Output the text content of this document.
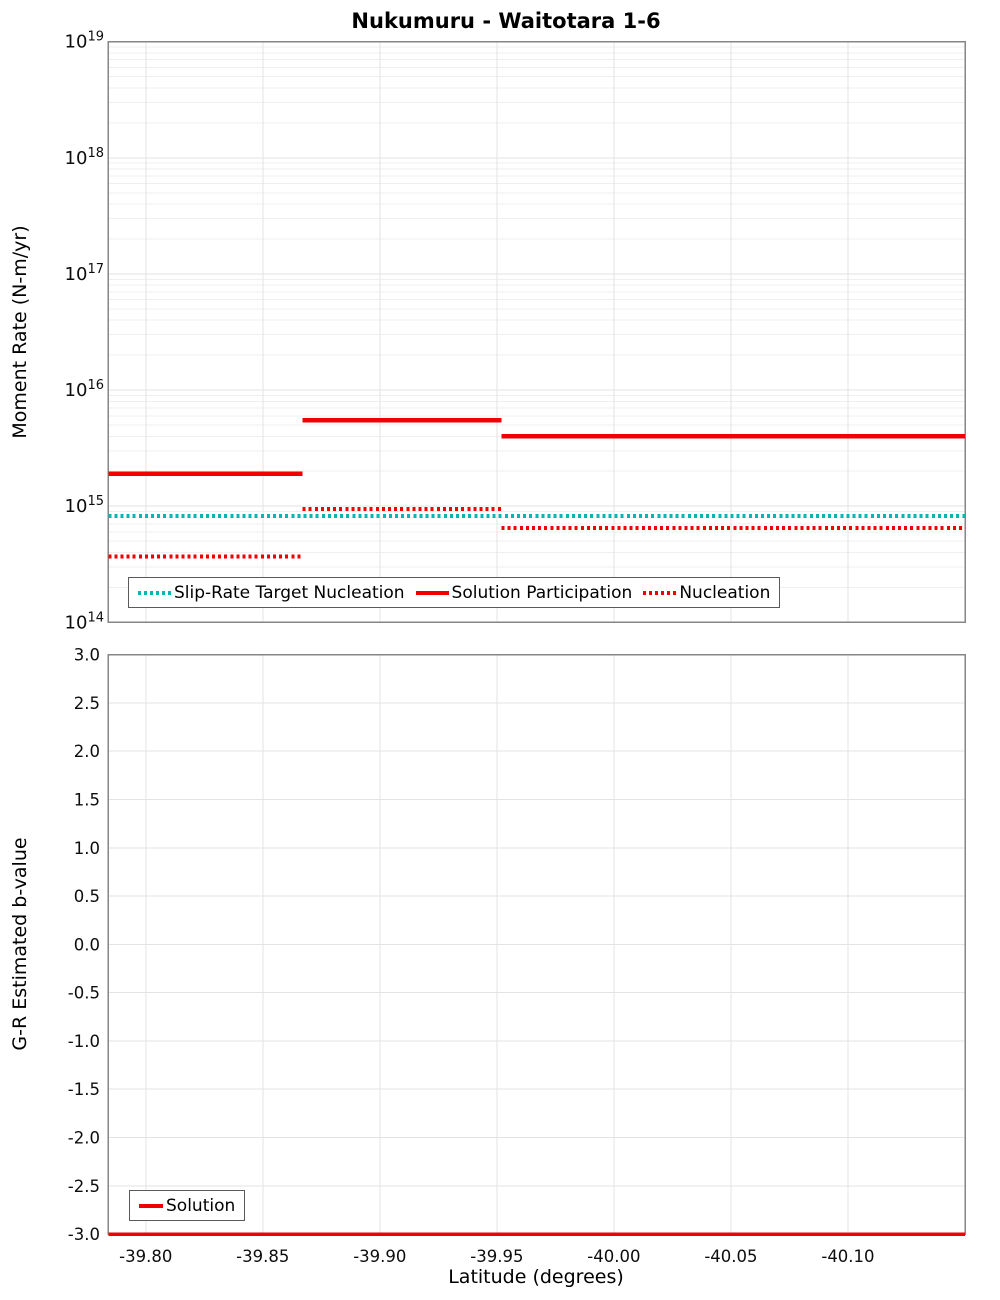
$10^{19}$
$10^{18}$
$10^{17}$
$10^{16}$
$10^{15}$
$10^{14}$
Nukumuru - Waitotara 1-6
Moment Rate (N-m/yr)
3.0
2.5
2.0
1.5
1.0
0.5
0.0
-0.5
-1.0
-1.5
-2.0
-2.5
-3.0
-39.80	-39.85	-39.90	-39.95	-40.00	-40.05	-40.10
G-R Estimated b-value
Latitude (degrees)
Slip-Rate Target Nucleation	Solution Participation	Nucleation
Solution
